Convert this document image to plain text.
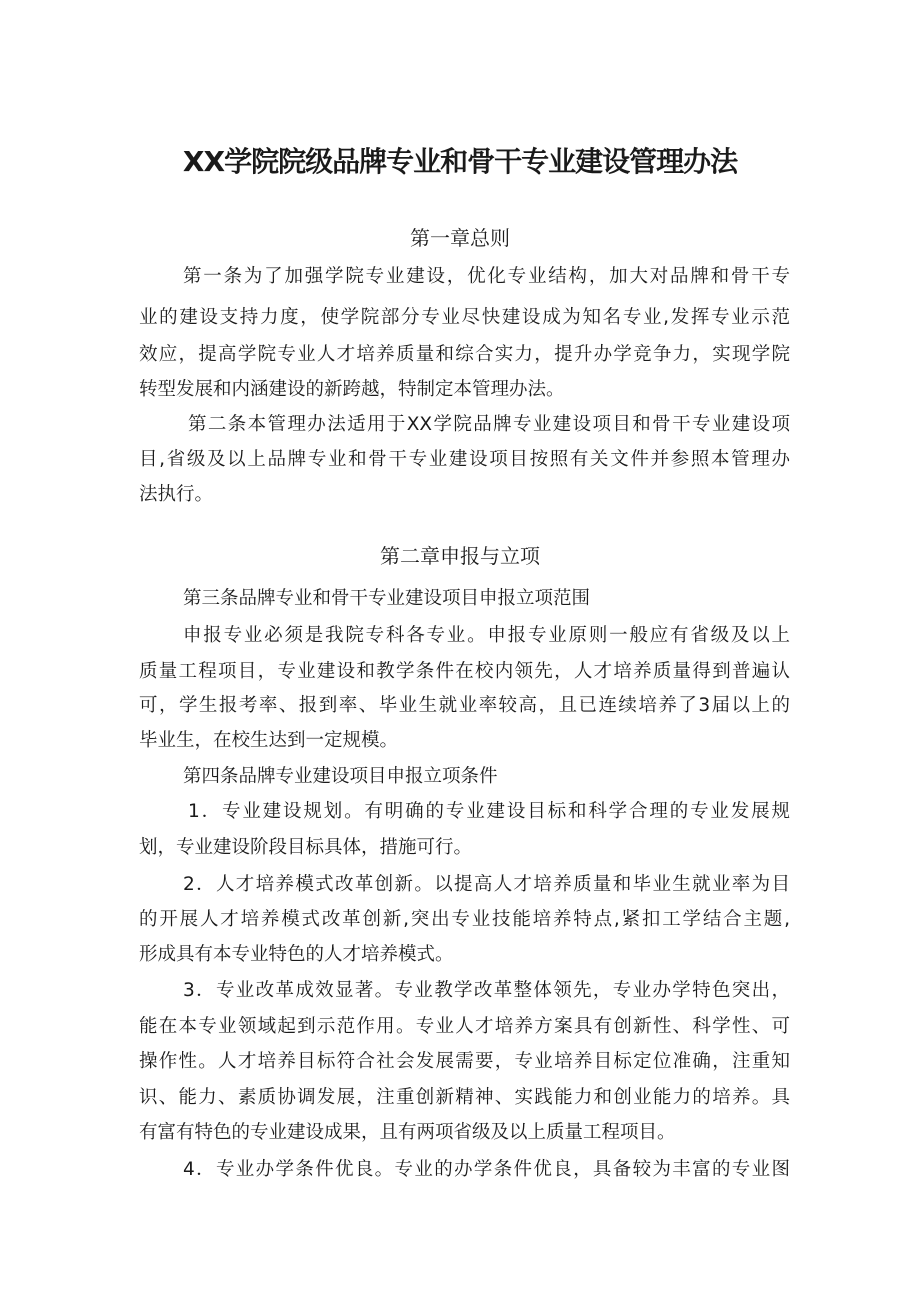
XX学院院级品牌专业和骨干专业建设管理办法
第一章总则
第一条为了加强学院专业建设，优化专业结构，加大对品牌和骨干专
业的建设支持力度，使学院部分专业尽快建设成为知名专业,发挥专业示范
效应，提高学院专业人才培养质量和综合实力，提升办学竞争力，实现学院
转型发展和内涵建设的新跨越，特制定本管理办法。
第二条本管理办法适用于XX学院品牌专业建设项目和骨干专业建设项
目,省级及以上品牌专业和骨干专业建设项目按照有关文件并参照本管理办
法执行。
第二章申报与立项
第三条品牌专业和骨干专业建设项目申报立项范围
申报专业必须是我院专科各专业。申报专业原则一般应有省级及以上
质量工程项目，专业建设和教学条件在校内领先，人才培养质量得到普遍认
可，学生报考率、报到率、毕业生就业率较高，且已连续培养了3届以上的
毕业生，在校生达到一定规模。
第四条品牌专业建设项目申报立项条件
1．专业建设规划。有明确的专业建设目标和科学合理的专业发展规
划，专业建设阶段目标具体，措施可行。
2．人才培养模式改革创新。以提高人才培养质量和毕业生就业率为目
的开展人才培养模式改革创新,突出专业技能培养特点,紧扣工学结合主题,
形成具有本专业特色的人才培养模式。
3．专业改革成效显著。专业教学改革整体领先，专业办学特色突出，
能在本专业领域起到示范作用。专业人才培养方案具有创新性、科学性、可
操作性。人才培养目标符合社会发展需要，专业培养目标定位准确，注重知
识、能力、素质协调发展，注重创新精神、实践能力和创业能力的培养。具
有富有特色的专业建设成果，且有两项省级及以上质量工程项目。
4．专业办学条件优良。专业的办学条件优良，具备较为丰富的专业图
